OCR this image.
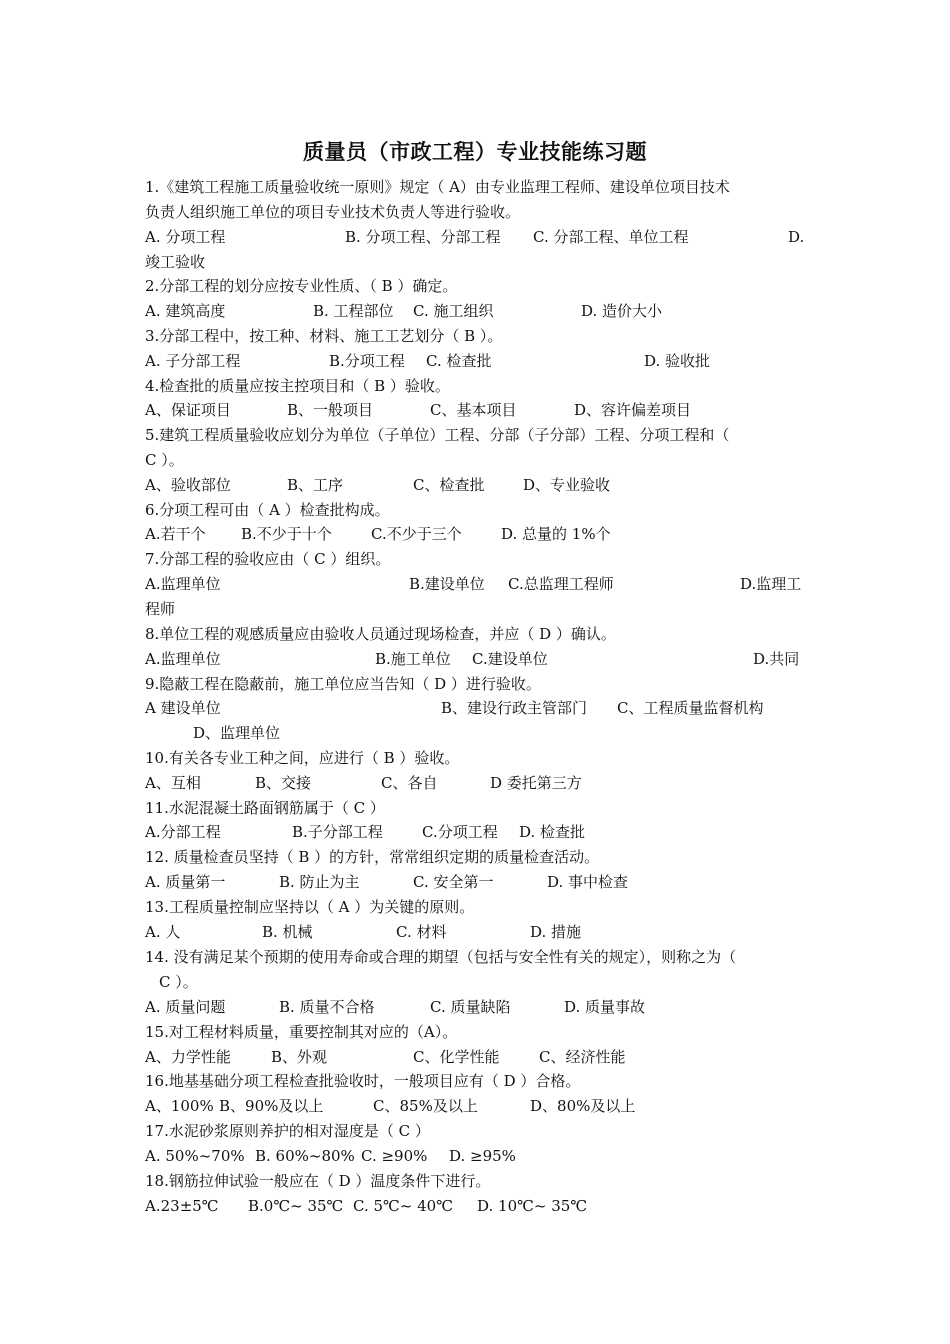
质量员（市政工程）专业技能练习题
1.《建筑工程施工质量验收统一原则》规定（ A）由专业监理工程师、建设单位项目技术
负责人组织施工单位的项目专业技术负责人等进行验收。
A. 分项工程	B. 分项工程、分部工程 C. 分部工程、单位工程	D.
竣工验收
2.分部工程的划分应按专业性质、（ B ）确定。
A. 建筑高度	B. 工程部位 C. 施工组织	D. 造价大小
3.分部工程中，按工种、材料、施工工艺划分（ B ）。
A. 子分部工程	B.分项工程 C. 检查批	D. 验收批
4.检查批的质量应按主控项目和（ B ）验收。
A、保证项目	B、一般项目	C、基本项目	D、容许偏差项目
5.建筑工程质量验收应划分为单位（子单位）工程、分部（子分部）工程、分项工程和（
C ）。
A、验收部位	B、工序	C、检查批	D、专业验收
6.分项工程可由（ A ）检查批构成。
A.若干个 B.不少于十个	C.不少于三个	D. 总量的 1%个
7.分部工程的验收应由（ C ）组织。
A.监理单位	B.建设单位 C.总监理工程师	D.监理工
程师
8.单位工程的观感质量应由验收人员通过现场检查，并应（ D ）确认。
A.监理单位	B.施工单位 C.建设单位	D.共同
9.隐蔽工程在隐蔽前，施工单位应当告知（ D ）进行验收。
A 建设单位	B、建设行政主管部门 C、工程质量监督机构
D、监理单位
10.有关各专业工种之间，应进行（ B ）验收。
A、互相	B、交接	C、各自	D 委托第三方
11.水泥混凝土路面钢筋属于（ C ）
A.分部工程	B.子分部工程	C.分项工程 D. 检查批
12. 质量检查员坚持（ B ）的方针，常常组织定期的质量检查活动。
A. 质量第一	B. 防止为主	C. 安全第一	D. 事中检查
13.工程质量控制应坚持以（ A ）为关键的原则。
A. 人	B. 机械	C. 材料	D. 措施
14. 没有满足某个预期的使用寿命或合理的期望（包括与安全性有关的规定），则称之为（
C ）。
A. 质量问题	B. 质量不合格	C. 质量缺陷	D. 质量事故
15.对工程材料质量，重要控制其对应的（A）。
A、力学性能	B、外观	C、化学性能	C、经济性能
16.地基基础分项工程检查批验收时，一般项目应有（ D ）合格。
A、100% B、90%及以上	C、85%及以上	D、80%及以上
17.水泥砂浆原则养护的相对湿度是（ C ）
A. 50%~70% B. 60%~80% C. ≥90% D. ≥95%
18.钢筋拉伸试验一般应在（ D ）温度条件下进行。
A.23±5℃ B.0℃~ 35℃ C. 5℃~ 40℃ D. 10℃~ 35℃
